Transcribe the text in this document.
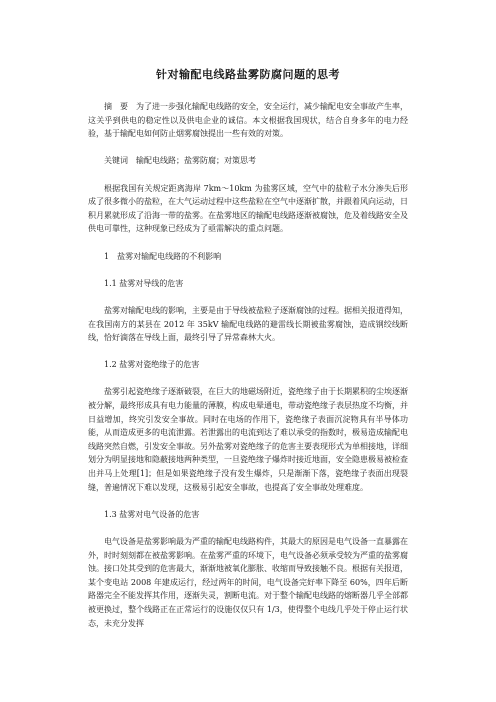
针对输配电线路盐雾防腐问题的思考

摘　要　为了进一步强化输配电线路的安全，安全运行，减少输配电安全事故产生率，这关乎到供电的稳定性以及供电企业的诚信。本文根据我国现状，结合自身多年的电力经验，基于输配电如何防止烟雾腐蚀提出一些有效的对策。

关键词　输配电线路；盐雾防腐；对策思考

根据我国有关规定距离海岸 7km～10km 为盐雾区域，空气中的盐粒子水分渗失后形成了很多微小的盐粒，在大气运动过程中这些盐粒在空气中逐渐扩散，并跟着风向运动，日积月累就形成了沿海一带的盐雾。在盐雾地区的输配电线路逐渐被腐蚀，危及着线路安全及供电可靠性，这种现象已经成为了亟需解决的重点问题。

1　盐雾对输配电线路的不利影响
1.1 盐雾对导线的危害

盐雾对输配电线的影响，主要是由于导线被盐粒子逐渐腐蚀的过程。据相关报道得知，在我国南方的某县在 2012 年 35kV 输配电线路的避雷线长期被盐雾腐蚀，造成钢绞线断线，恰好滴落在导线上面，最终引导了异常森林大火。

1.2 盐雾对瓷绝缘子的危害

盐雾引起瓷绝缘子逐渐破裂，在巨大的地磁场附近，瓷绝缘子由于长期累积的尘埃逐渐被分解，最终形成具有电力能量的薄膜，构成电晕通电，带动瓷绝缘子表层热度不均衡，并日益增加，终究引发安全事故。同时在电场的作用下，瓷绝缘子表面沉淀物具有半导体功能，从而造成更多的电流泄露。若泄露出的电流到达了难以承受的指数时，极易造成输配电线路突然自燃，引发安全事故。另外盐雾对瓷绝缘子的危害主要表现形式为单相接地，详细划分为明显接地和隐蔽接地两种类型，一旦瓷绝缘子爆炸时接近地面，安全隐患极易被检查出并马上处理[1]；但是如果瓷绝缘子没有发生爆炸，只是渐渐下落，瓷绝缘子表面出现裂缝，普遍情况下难以发现，这极易引起安全事故，也提高了安全事故处理难度。

1.3 盐雾对电气设备的危害

电气设备是盐雾影响最为严重的输配电线路构件，其最大的原因是电气设备一直暴露在外，时时刻刻都在被盐雾影响。在盐雾严重的环境下，电气设备必须承受较为严重的盐雾腐蚀。接口处其受到的危害最大，渐渐地被氧化膨胀、收缩而导致接触不良。根据有关报道，某个变电站 2008 年建成运行，经过两年的时间，电气设备完好率下降至 60%，四年后断路器完全不能发挥其作用，逐渐失灵，割断电流。对于整个输配电线路的熔断器几乎全部都被更换过，整个线路正在正常运行的设施仅仅只有 1/3，使得整个电线几乎处于停止运行状态，未充分发挥
